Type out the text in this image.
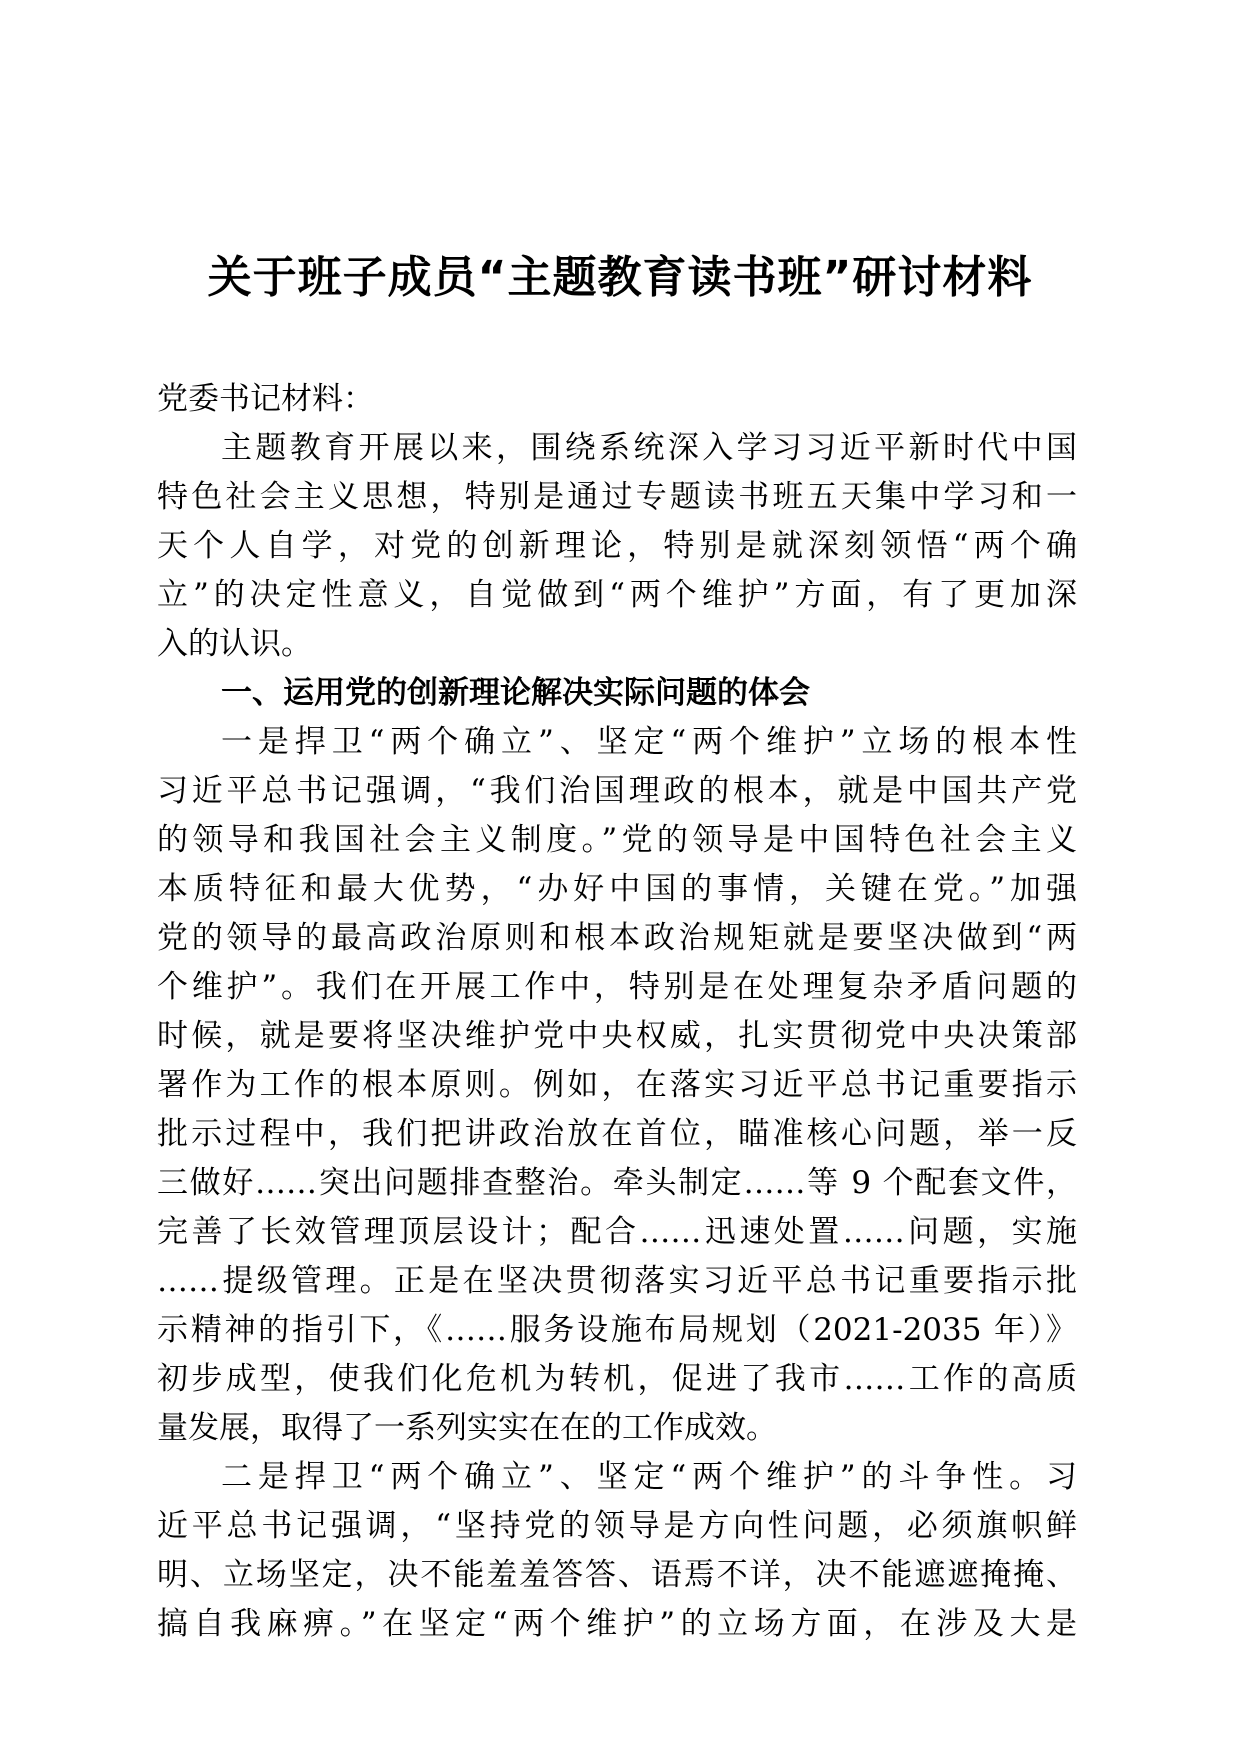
关于班子成员“主题教育读书班”研讨材料
党委书记材料：
主题教育开展以来，围绕系统深入学习习近平新时代中国
特色社会主义思想，特别是通过专题读书班五天集中学习和一
天个人自学，对党的创新理论，特别是就深刻领悟“两个确
立”的决定性意义，自觉做到“两个维护”方面，有了更加深
入的认识。
一、运用党的创新理论解决实际问题的体会
一是捍卫“两个确立”、坚定“两个维护”立场的根本性
习近平总书记强调，“我们治国理政的根本，就是中国共产党
的领导和我国社会主义制度。”党的领导是中国特色社会主义
本质特征和最大优势，“办好中国的事情，关键在党。”加强
党的领导的最高政治原则和根本政治规矩就是要坚决做到“两
个维护”。我们在开展工作中，特别是在处理复杂矛盾问题的
时候，就是要将坚决维护党中央权威，扎实贯彻党中央决策部
署作为工作的根本原则。例如，在落实习近平总书记重要指示
批示过程中，我们把讲政治放在首位，瞄准核心问题，举一反
三做好……突出问题排查整治。牵头制定……等 9 个配套文件，
完善了长效管理顶层设计；配合……迅速处置……问题，实施
……提级管理。正是在坚决贯彻落实习近平总书记重要指示批
示精神的指引下，《……服务设施布局规划（2021-2035 年）》
初步成型，使我们化危机为转机，促进了我市……工作的高质
量发展，取得了一系列实实在在的工作成效。
二是捍卫“两个确立”、坚定“两个维护”的斗争性。习
近平总书记强调，“坚持党的领导是方向性问题，必须旗帜鲜
明、立场坚定，决不能羞羞答答、语焉不详，决不能遮遮掩掩、
搞自我麻痹。”在坚定“两个维护”的立场方面，在涉及大是
